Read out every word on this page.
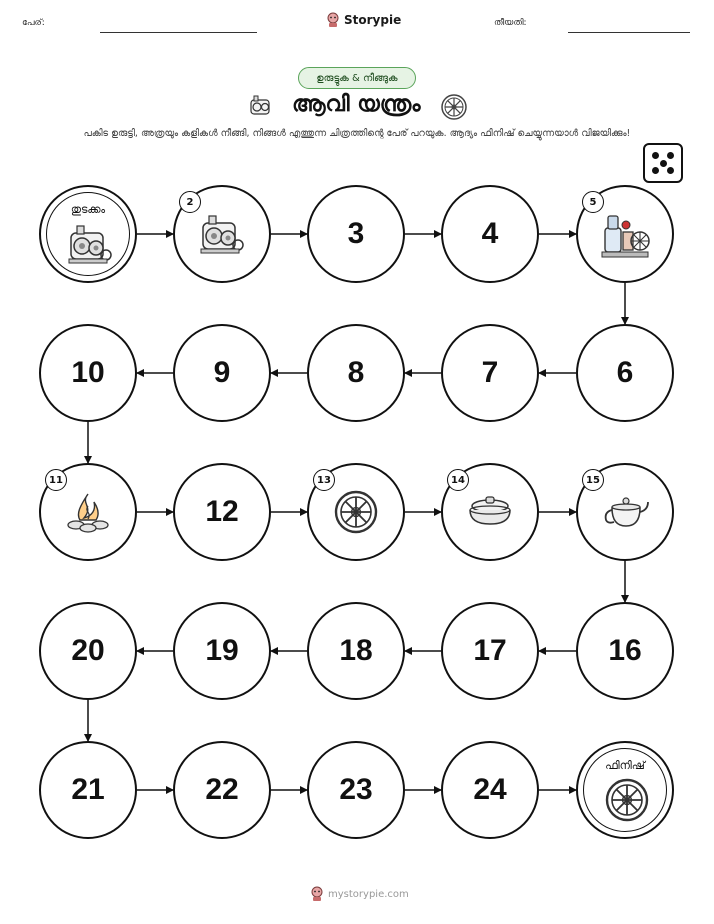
പേര്:	Storypie	തീയതി:
ഉരുട്ടുക & നീങ്ങുക
ആവി യന്ത്രം
പകിട ഉരുട്ടി, അത്രയും കളികൾ നീങ്ങി, നിങ്ങൾ എത്തുന്ന ചിത്രത്തിന്റെ പേര് പറയുക. ആദ്യം ഫിനിഷ് ചെയ്യുന്നയാൾ വിജയിക്കും!
തുടക്കം
2
3	4
5
6
7
8
9
10
11
12
13	14	15
16
17
18
19
20
21	22	23	24
ഫിനിഷ്
mystorypie.com
